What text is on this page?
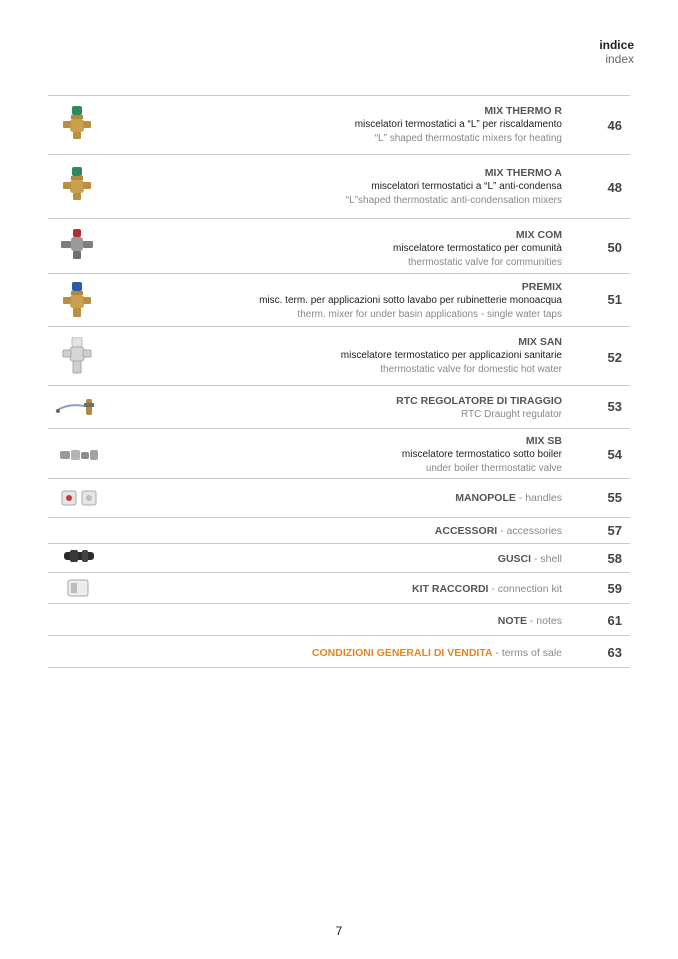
indice
index
MIX THERMO R
miscelatori termostatici a “L” per riscaldamento
“L” shaped thermostatic mixers for heating
46
MIX THERMO A
miscelatori termostatici a “L” anti-condensa
“L”shaped thermostatic anti-condensation mixers
48
MIX COM
miscelatore termostatico per comunità
thermostatic valve for communities
50
PREMIX
misc. term. per applicazioni sotto lavabo per rubinetterie monoacqua
therm. mixer for under basin applications - single water taps
51
MIX SAN
miscelatore termostatico per applicazioni sanitarie
thermostatic valve for domestic hot water
52
RTC REGOLATORE DI TIRAGGIO
RTC Draught regulator
53
MIX SB
miscelatore termostatico sotto boiler
under boiler thermostatic valve
54
MANOPOLE - handles	55
ACCESSORI - accessories	57
GUSCI - shell	58
KIT RACCORDI - connection kit	59
NOTE - notes	61
CONDIZIONI GENERALI DI VENDITA - terms of sale	63
7
